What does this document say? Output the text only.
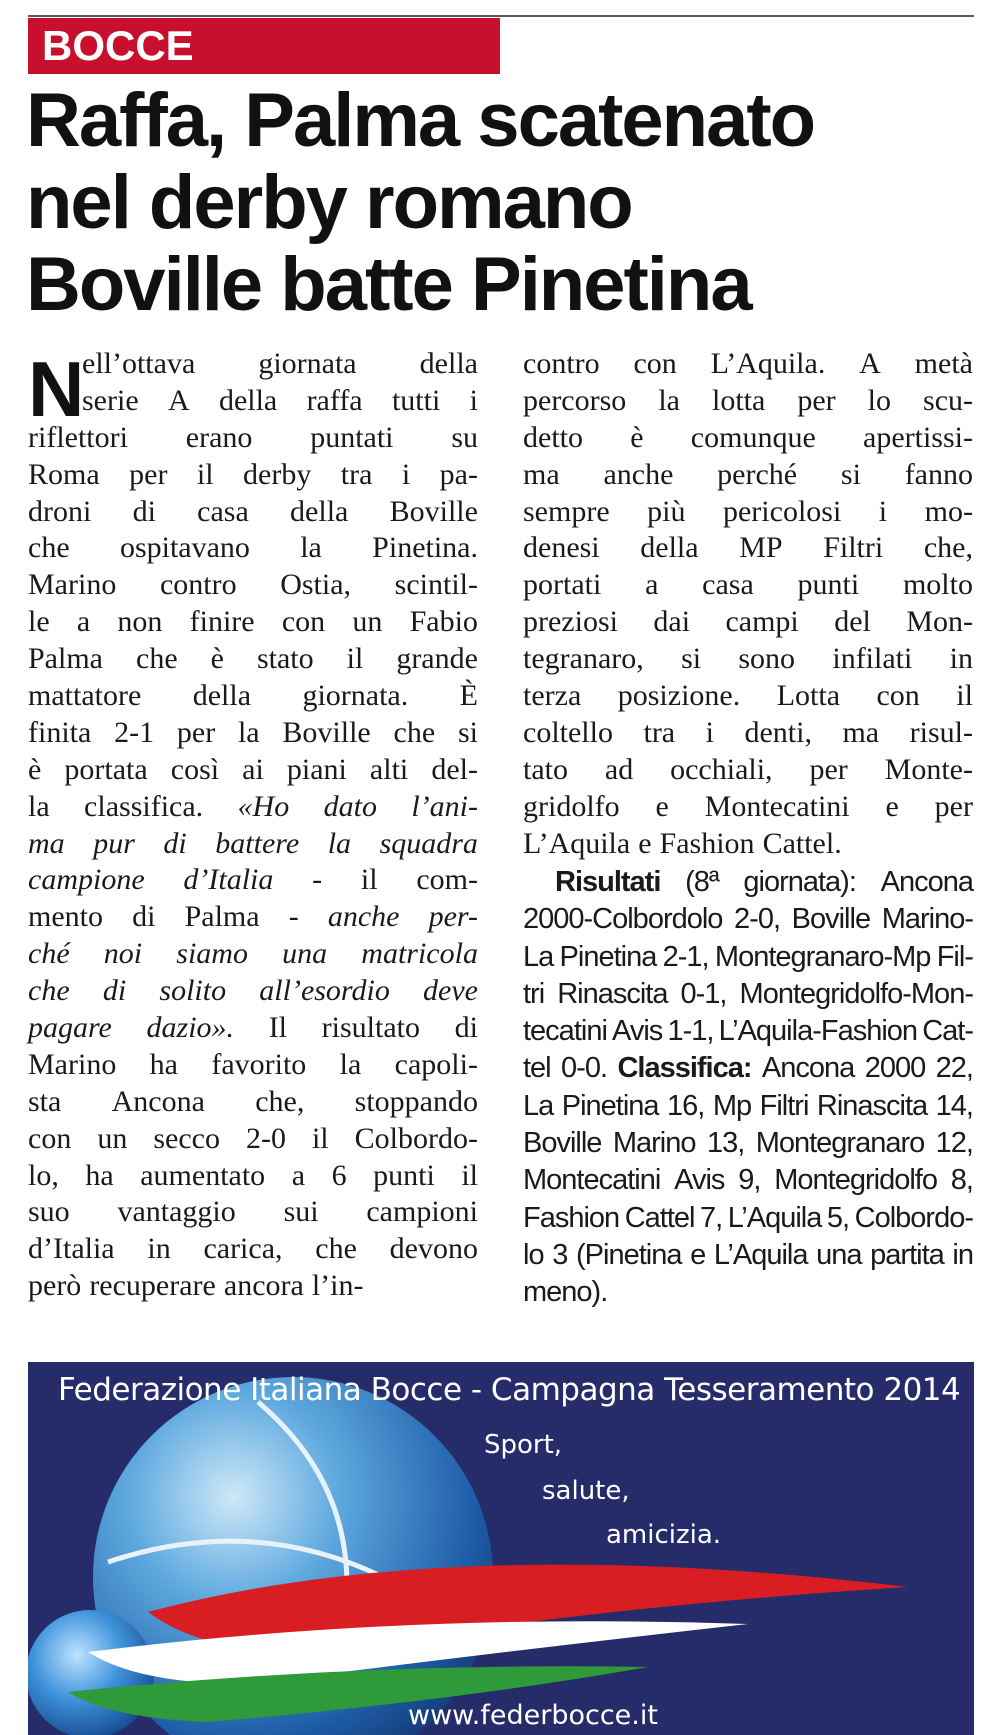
BOCCE
Raffa, Palma scatenato
nel derby romano
Boville batte Pinetina
N
ell’ottava giornata della
serie A della raffa tutti i
riflettori erano puntati su
Roma per il derby tra i pa-
droni di casa della Boville
che ospitavano la Pinetina.
Marino contro Ostia, scintil-
le a non finire con un Fabio
Palma che è stato il grande
mattatore della giornata. È
finita 2-1 per la Boville che si
è portata così ai piani alti del-
la classifica. «Ho dato l’ani-
ma pur di battere la squadra
campione d’Italia - il com-
mento di Palma - anche per-
ché noi siamo una matricola
che di solito all’esordio deve
pagare dazio». Il risultato di
Marino ha favorito la capoli-
sta Ancona che, stoppando
con un secco 2-0 il Colbordo-
lo, ha aumentato a 6 punti il
suo vantaggio sui campioni
d’Italia in carica, che devono
però recuperare ancora l’in-
contro con L’Aquila. A metà
percorso la lotta per lo scu-
detto è comunque apertissi-
ma anche perché si fanno
sempre più pericolosi i mo-
denesi della MP Filtri che,
portati a casa punti molto
preziosi dai campi del Mon-
tegranaro, si sono infilati in
terza posizione. Lotta con il
coltello tra i denti, ma risul-
tato ad occhiali, per Monte-
gridolfo e Montecatini e per
L’Aquila e Fashion Cattel.
Risultati (8ª giornata): Ancona
2000-Colbordolo 2-0, Boville Marino-
La Pinetina 2-1, Montegranaro-Mp Fil-
tri Rinascita 0-1, Montegridolfo-Mon-
tecatini Avis 1-1, L’Aquila-Fashion Cat-
tel 0-0. Classifica: Ancona 2000 22,
La Pinetina 16, Mp Filtri Rinascita 14,
Boville Marino 13, Montegranaro 12,
Montecatini Avis 9, Montegridolfo 8,
Fashion Cattel 7, L’Aquila 5, Colbordo-
lo 3 (Pinetina e L’Aquila una partita in
meno).
Federazione Italiana Bocce - Campagna Tesseramento 2014
Sport,
salute,
amicizia.
www.federbocce.it
